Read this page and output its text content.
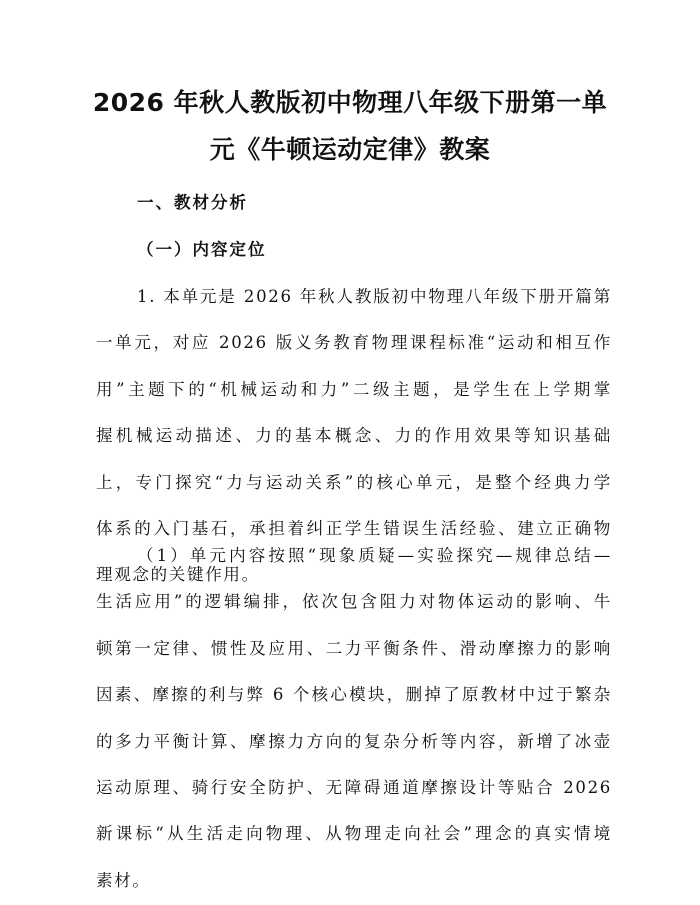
2026 年秋人教版初中物理八年级下册第一单
元《牛顿运动定律》教案
一、教材分析
（一）内容定位
1. 本单元是 2026 年秋人教版初中物理八年级下册开篇第
一单元，对应 2026 版义务教育物理课程标准“运动和相互作
用”主题下的“机械运动和力”二级主题，是学生在上学期掌
握机械运动描述、力的基本概念、力的作用效果等知识基础
上，专门探究“力与运动关系”的核心单元，是整个经典力学
体系的入门基石，承担着纠正学生错误生活经验、建立正确物
理观念的关键作用。
（1）单元内容按照“现象质疑—实验探究—规律总结—
生活应用”的逻辑编排，依次包含阻力对物体运动的影响、牛
顿第一定律、惯性及应用、二力平衡条件、滑动摩擦力的影响
因素、摩擦的利与弊 6 个核心模块，删掉了原教材中过于繁杂
的多力平衡计算、摩擦力方向的复杂分析等内容，新增了冰壶
运动原理、骑行安全防护、无障碍通道摩擦设计等贴合 2026
新课标“从生活走向物理、从物理走向社会”理念的真实情境
素材。
